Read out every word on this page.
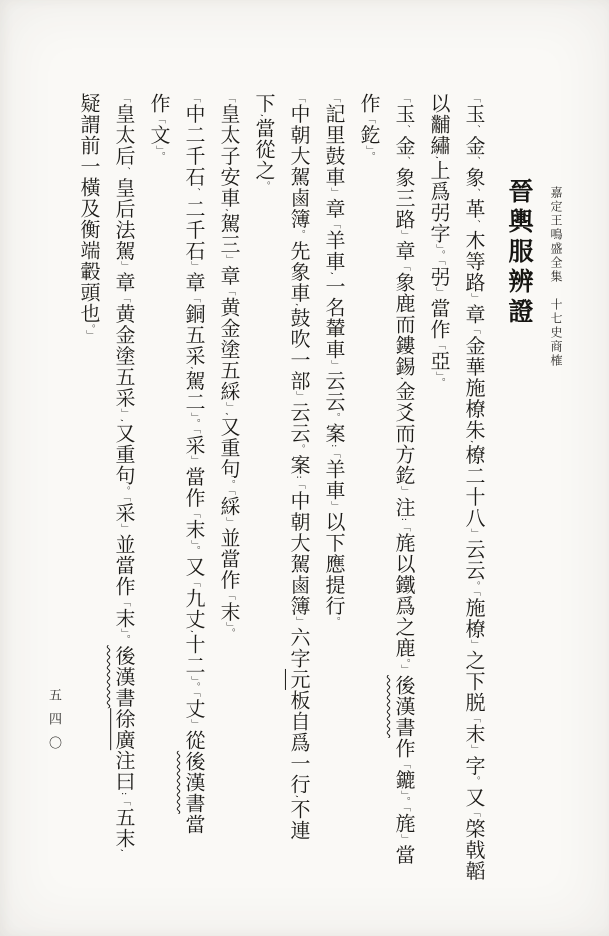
嘉定王鳴盛全集　十七史商榷
晉輿服辨證
「玉、金、象、革、木等路」章「金華施橑朱,橑二十八」云云。「施橑」之下脱「末」字。又「棨戟韜
以黼繡,上爲弜字」。「弜」當作「亞」。
「玉、金、象三路」章「象鹿而鏤錫,金爻而方釳」注:「旄以鐵爲之鹿。」後漢書作「鏕」。「旄」當
作「釳」。
「記里鼓車」章「羊車,一名輦車」云云。案:「羊車」以下應提行。
「中朝大駕鹵簿。先象車,鼓吹一部」云云。案:「中朝大駕鹵簿」六字元板自爲一行,不連
下,當從之。
「皇太子安車,駕三」章「黄金塗五綵」,又重句。「綵」並當作「末」。
「中二千石、二千石」章「銅五采,駕二」。「采」當作「末」。又「九丈,十二」。「丈」從後漢書當
作「文」。
「皇太后、皇后法駕」章「黄金塗五采」,又重句。「采」並當作「末」。後漢書徐廣注曰:「五末,
疑謂前一橫及衡端轂頭也。」
五四〇
